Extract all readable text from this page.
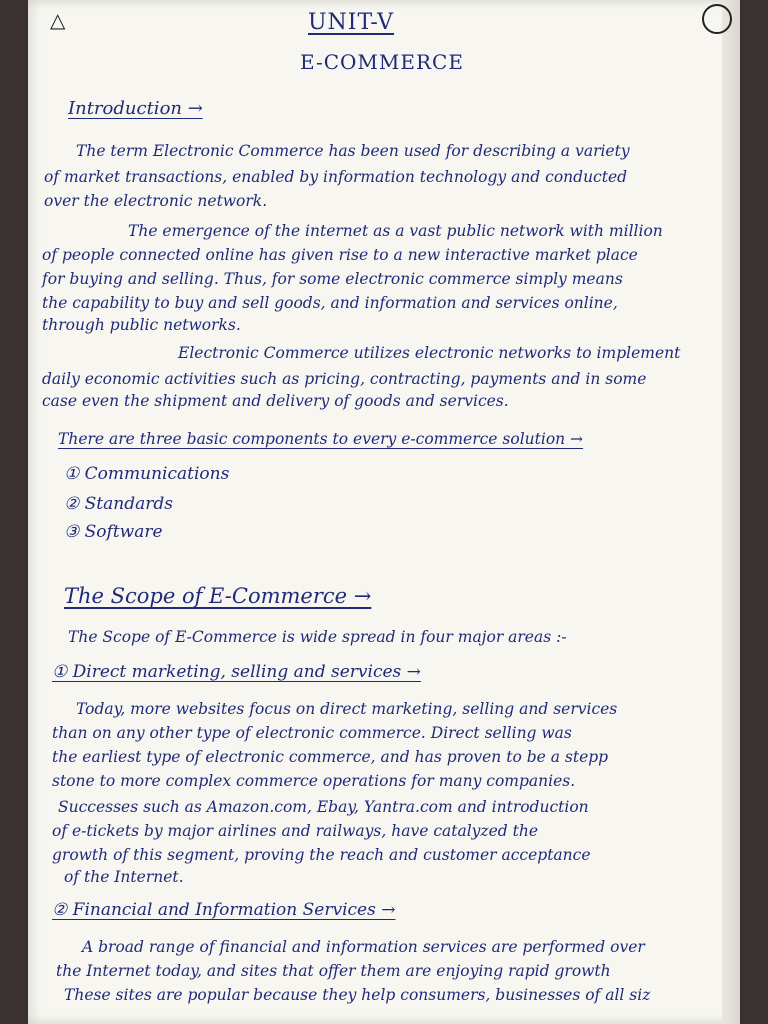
△	UNIT-V
E-COMMERCE
Introduction →
The term Electronic Commerce has been used for describing a variety
of market transactions, enabled by information technology and conducted
over the electronic network.
The emergence of the internet as a vast public network with million
of people connected online has given rise to a new interactive market place
for buying and selling. Thus, for some electronic commerce simply means
the capability to buy and sell goods, and information and services online,
through public networks.
Electronic Commerce utilizes electronic networks to implement
daily economic activities such as pricing, contracting, payments and in some
case even the shipment and delivery of goods and services.
There are three basic components to every e-commerce solution →
① Communications
② Standards
③ Software
The Scope of E-Commerce →
The Scope of E-Commerce is wide spread in four major areas :-
① Direct marketing, selling and services →
Today, more websites focus on direct marketing, selling and services
than on any other type of electronic commerce. Direct selling was
the earliest type of electronic commerce, and has proven to be a stepp
stone to more complex commerce operations for many companies.
Successes such as Amazon.com, Ebay, Yantra.com and introduction
of e-tickets by major airlines and railways, have catalyzed the
growth of this segment, proving the reach and customer acceptance
of the Internet.
② Financial and Information Services →
A broad range of financial and information services are performed over
the Internet today, and sites that offer them are enjoying rapid growth
These sites are popular because they help consumers, businesses of all siz
